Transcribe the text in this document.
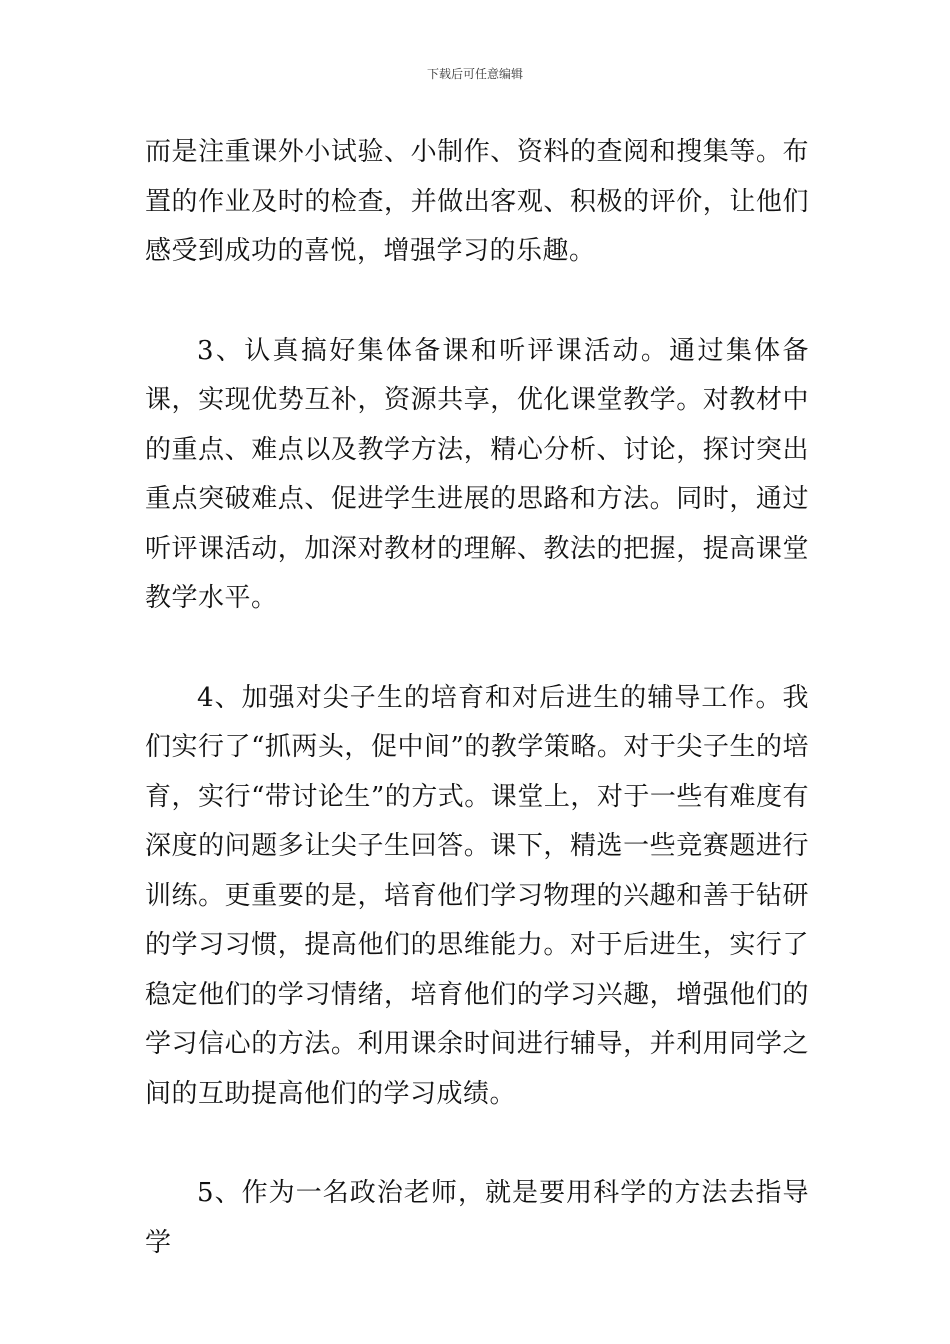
下载后可任意编辑

而是注重课外小试验、小制作、资料的查阅和搜集等。布置的作业及时的检查，并做出客观、积极的评价，让他们感受到成功的喜悦，增强学习的乐趣。

3、认真搞好集体备课和听评课活动。通过集体备课，实现优势互补，资源共享，优化课堂教学。对教材中的重点、难点以及教学方法，精心分析、讨论，探讨突出重点突破难点、促进学生进展的思路和方法。同时，通过听评课活动，加深对教材的理解、教法的把握，提高课堂教学水平。

4、加强对尖子生的培育和对后进生的辅导工作。我们实行了“抓两头，促中间”的教学策略。对于尖子生的培育，实行“带讨论生”的方式。课堂上，对于一些有难度有深度的问题多让尖子生回答。课下，精选一些竞赛题进行训练。更重要的是，培育他们学习物理的兴趣和善于钻研的学习习惯，提高他们的思维能力。对于后进生，实行了稳定他们的学习情绪，培育他们的学习兴趣，增强他们的学习信心的方法。利用课余时间进行辅导，并利用同学之间的互助提高他们的学习成绩。

5、作为一名政治老师，就是要用科学的方法去指导学
